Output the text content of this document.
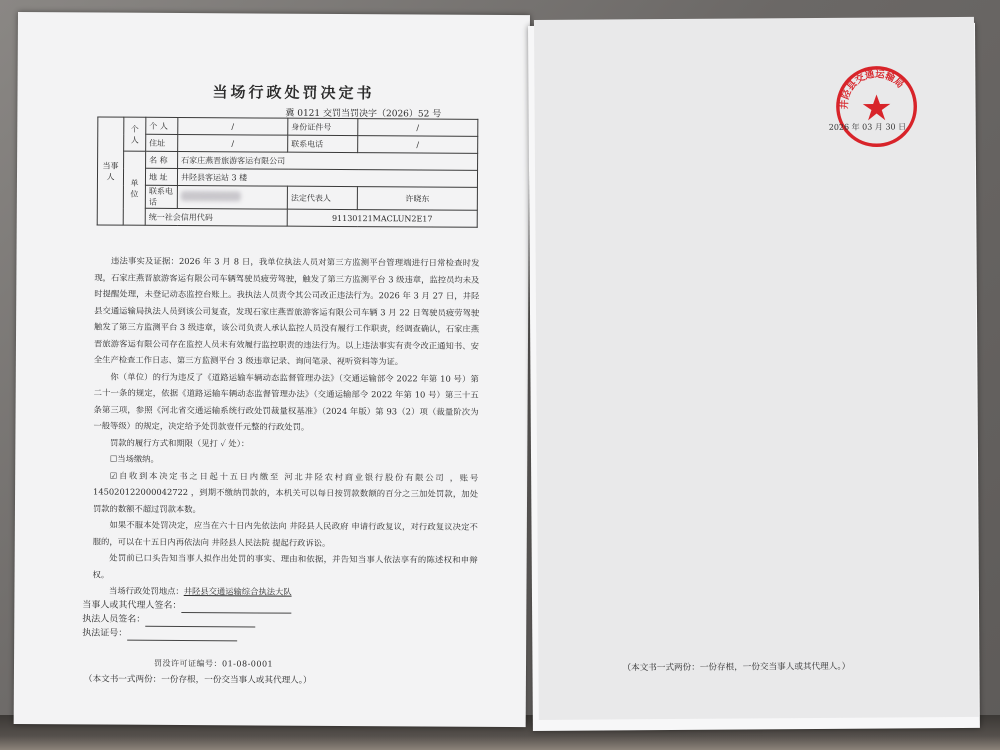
当场行政处罚决定书
冀 0121 交罚当罚决字（2026）52 号
当事人	个人	个 人	/	身份证件号	/
		住址	/	联系电话	/
	单位	名 称	石家庄燕晋旅游客运有限公司		
		地 址	井陉县客运站 3 楼		
		联系电话		法定代表人	许晓东
		统一社会信用代码		91130121MACLUN2E17	

违法事实及证据：2026 年 3 月 8 日，我单位执法人员对第三方监测平台管理端进行日常检查时发现，石家庄燕晋旅游客运有限公司车辆驾驶员疲劳驾驶，触发了第三方监测平台 3 级违章，监控员均未及时提醒处理，未登记动态监控台账上。我执法人员责令其公司改正违法行为。2026 年 3 月 27 日，井陉县交通运输局执法人员到该公司复查，发现石家庄燕晋旅游客运有限公司车辆 3 月 22 日驾驶员疲劳驾驶触发了第三方监测平台 3 级违章，该公司负责人承认监控人员没有履行工作职责，经调查确认，石家庄燕晋旅游客运有限公司存在监控人员未有效履行监控职责的违法行为。以上违法事实有责令改正通知书、安全生产检查工作日志、第三方监测平台 3 级违章记录、询问笔录、视听资料等为证。

你（单位）的行为违反了《道路运输车辆动态监督管理办法》（交通运输部令 2022 年第 10 号）第二十一条的规定，依据《道路运输车辆动态监督管理办法》（交通运输部令 2022 年第 10 号）第三十五条第三项，参照《河北省交通运输系统行政处罚裁量权基准》（2024 年版）第 93（2）项（裁量阶次为一般等级）的规定，决定给予处罚款壹仟元整的行政处罚。

罚款的履行方式和期限（见打 ✓ 处）：

☐当场缴纳。

☑自收到本决定书之日起十五日内缴至 河北井陉农村商业银行股份有限公司 ，账号 145020122000042722 ，到期不缴纳罚款的，本机关可以每日按罚款数额的百分之三加处罚款，加处罚款的数额不超过罚款本数。

如果不服本处罚决定，应当在六十日内先依法向 井陉县人民政府 申请行政复议，对行政复议决定不服的，可以在十五日内再依法向 井陉县人民法院 提起行政诉讼。

处罚前已口头告知当事人拟作出处罚的事实、理由和依据，并告知当事人依法享有的陈述权和申辩权。

当场行政处罚地点：井陉县交通运输综合执法大队

当事人或其代理人签名：
执法人员签名：
执法证号：
罚没许可证编号：01-08-0001
（本文书一式两份：一份存根，一份交当事人或其代理人。）
井陉县交通运输局
2026 年 03 月 30 日
（本文书一式两份：一份存根，一份交当事人或其代理人。）
